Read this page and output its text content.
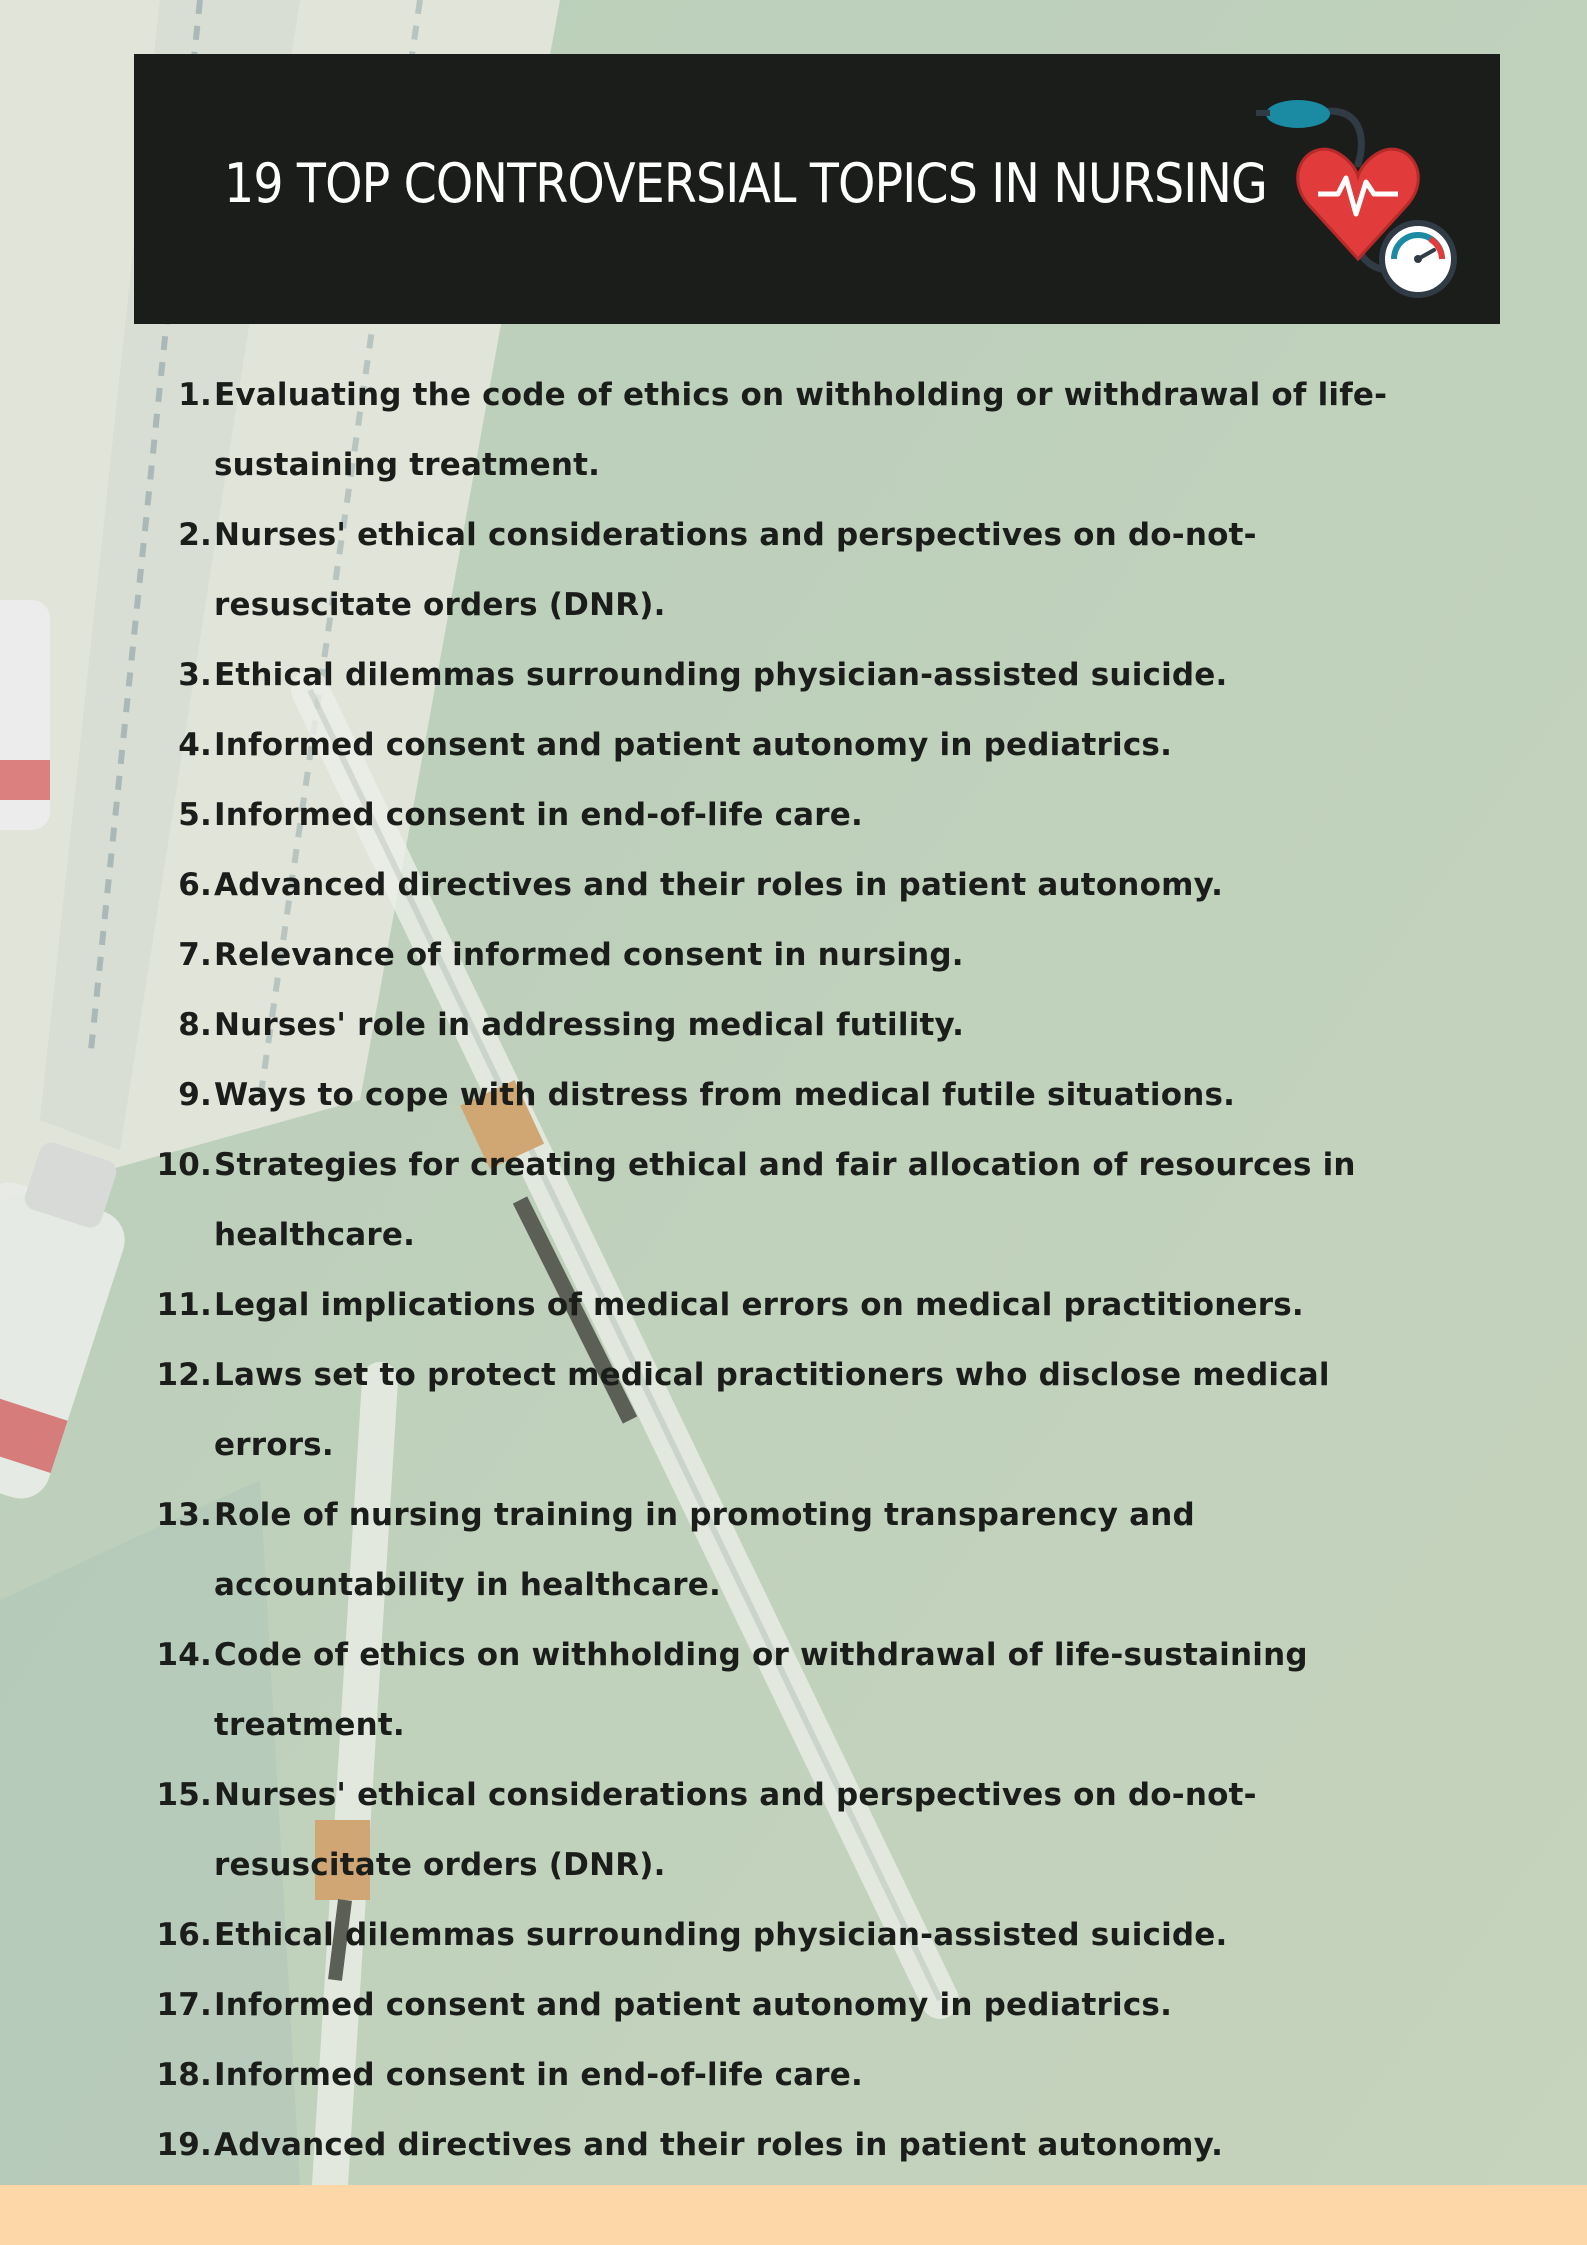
19 TOP CONTROVERSIAL TOPICS IN NURSING
1. Evaluating the code of ethics on withholding or withdrawal of life-sustaining treatment.
2. Nurses' ethical considerations and perspectives on do-not-resuscitate orders (DNR).
3. Ethical dilemmas surrounding physician-assisted suicide.
4. Informed consent and patient autonomy in pediatrics.
5. Informed consent in end-of-life care.
6. Advanced directives and their roles in patient autonomy.
7. Relevance of informed consent in nursing.
8. Nurses' role in addressing medical futility.
9. Ways to cope with distress from medical futile situations.
10. Strategies for creating ethical and fair allocation of resources in healthcare.
11. Legal implications of medical errors on medical practitioners.
12. Laws set to protect medical practitioners who disclose medical errors.
13. Role of nursing training in promoting transparency and accountability in healthcare.
14. Code of ethics on withholding or withdrawal of life-sustaining treatment.
15. Nurses' ethical considerations and perspectives on do-not-resuscitate orders (DNR).
16. Ethical dilemmas surrounding physician-assisted suicide.
17. Informed consent and patient autonomy in pediatrics.
18. Informed consent in end-of-life care.
19. Advanced directives and their roles in patient autonomy.
